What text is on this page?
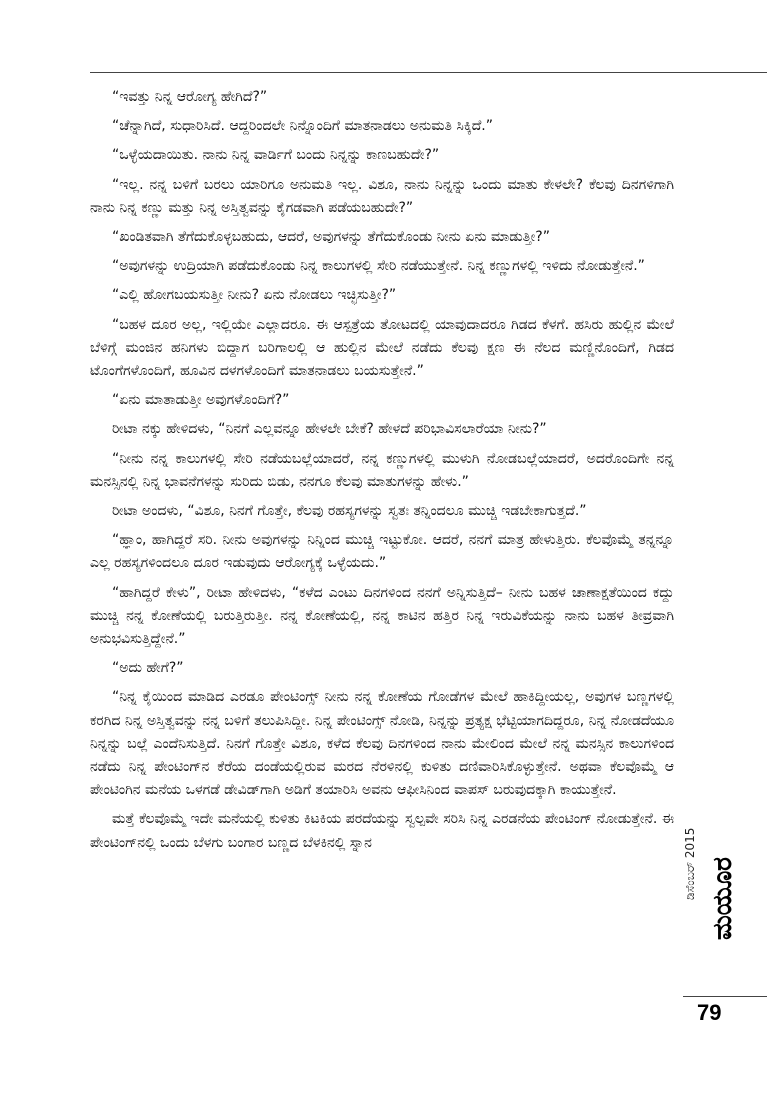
“ಇವತ್ತು ನಿನ್ನ ಆರೋಗ್ಯ ಹೇಗಿದೆ?”

“ಚೆನ್ನಾಗಿದೆ, ಸುಧಾರಿಸಿದೆ. ಆದ್ದರಿಂದಲೇ ನಿನ್ನೊಂದಿಗೆ ಮಾತನಾಡಲು ಅನುಮತಿ ಸಿಕ್ಕಿದೆ.”

“ಒಳ್ಳೆಯದಾಯಿತು. ನಾನು ನಿನ್ನ ವಾರ್ಡಿಗೆ ಬಂದು ನಿನ್ನನ್ನು ಕಾಣಬಹುದೇ?”

“ಇಲ್ಲ. ನನ್ನ ಬಳಿಗೆ ಬರಲು ಯಾರಿಗೂ ಅನುಮತಿ ಇಲ್ಲ. ವಿಶೂ, ನಾನು ನಿನ್ನನ್ನು ಒಂದು ಮಾತು ಕೇಳಲೇ? ಕೆಲವು ದಿನಗಳಿಗಾಗಿ ನಾನು ನಿನ್ನ ಕಣ್ಣು ಮತ್ತು ನಿನ್ನ ಅಸ್ತಿತ್ವವನ್ನು ಕೈಗಡವಾಗಿ ಪಡೆಯಬಹುದೇ?”

“ಖಂಡಿತವಾಗಿ ತೆಗೆದುಕೊಳ್ಳಬಹುದು, ಆದರೆ, ಅವುಗಳನ್ನು ತೆಗೆದುಕೊಂಡು ನೀನು ಏನು ಮಾಡುತ್ತೀ?”

“ಅವುಗಳನ್ನು ಉದ್ರಿಯಾಗಿ ಪಡೆದುಕೊಂಡು ನಿನ್ನ ಕಾಲುಗಳಲ್ಲಿ ಸೇರಿ ನಡೆಯುತ್ತೇನೆ. ನಿನ್ನ ಕಣ್ಣುಗಳಲ್ಲಿ ಇಳಿದು ನೋಡುತ್ತೇನೆ.”

“ಎಲ್ಲಿ ಹೋಗಬಯಸುತ್ತೀ ನೀನು? ಏನು ನೋಡಲು ಇಚ್ಛಿಸುತ್ತೀ?”

“ಬಹಳ ದೂರ ಅಲ್ಲ, ಇಲ್ಲಿಯೇ ಎಲ್ಲಾದರೂ. ಈ ಆಸ್ಪತ್ರೆಯ ತೋಟದಲ್ಲಿ ಯಾವುದಾದರೂ ಗಿಡದ ಕೆಳಗೆ. ಹಸಿರು ಹುಲ್ಲಿನ ಮೇಲೆ ಬೆಳಿಗ್ಗೆ ಮಂಜಿನ ಹನಿಗಳು ಬಿದ್ದಾಗ ಬರಿಗಾಲಲ್ಲಿ ಆ ಹುಲ್ಲಿನ ಮೇಲೆ ನಡೆದು ಕೆಲವು ಕ್ಷಣ ಈ ನೆಲದ ಮಣ್ಣಿನೊಂದಿಗೆ, ಗಿಡದ ಟೊಂಗೆಗಳೊಂದಿಗೆ, ಹೂವಿನ ದಳಗಳೊಂದಿಗೆ ಮಾತನಾಡಲು ಬಯಸುತ್ತೇನೆ.”

“ಏನು ಮಾತಾಡುತ್ತೀ ಅವುಗಳೊಂದಿಗೆ?”

ರೀಟಾ ನಕ್ಕು ಹೇಳಿದಳು, “ನಿನಗೆ ಎಲ್ಲವನ್ನೂ ಹೇಳಲೇ ಬೇಕೆ? ಹೇಳದೆ ಪರಿಭಾವಿಸಲಾರೆಯಾ ನೀನು?”

“ನೀನು ನನ್ನ ಕಾಲುಗಳಲ್ಲಿ ಸೇರಿ ನಡೆಯಬಲ್ಲೆಯಾದರೆ, ನನ್ನ ಕಣ್ಣುಗಳಲ್ಲಿ ಮುಳುಗಿ ನೋಡಬಲ್ಲೆಯಾದರೆ, ಅದರೊಂದಿಗೇ ನನ್ನ ಮನಸ್ಸಿನಲ್ಲಿ ನಿನ್ನ ಭಾವನೆಗಳನ್ನು ಸುರಿದು ಬಿಡು, ನನಗೂ ಕೆಲವು ಮಾತುಗಳನ್ನು ಹೇಳು.”

ರೀಟಾ ಅಂದಳು, “ವಿಶೂ, ನಿನಗೆ ಗೊತ್ತೇ, ಕೆಲವು ರಹಸ್ಯಗಳನ್ನು ಸ್ವತಃ ತನ್ನಿಂದಲೂ ಮುಚ್ಚಿ ಇಡಬೇಕಾಗುತ್ತದೆ.”

“ಹ್ಞಾಂ, ಹಾಗಿದ್ದರೆ ಸರಿ. ನೀನು ಅವುಗಳನ್ನು ನಿನ್ನಿಂದ ಮುಚ್ಚಿ ಇಟ್ಟುಕೋ. ಆದರೆ, ನನಗೆ ಮಾತ್ರ ಹೇಳುತ್ತಿರು. ಕೆಲವೊಮ್ಮೆ ತನ್ನನ್ನೂ ಎಲ್ಲ ರಹಸ್ಯಗಳಿಂದಲೂ ದೂರ ಇಡುವುದು ಆರೋಗ್ಯಕ್ಕೆ ಒಳ್ಳೆಯದು.”

“ಹಾಗಿದ್ದರೆ ಕೇಳು”, ರೀಟಾ ಹೇಳಿದಳು, “ಕಳೆದ ಎಂಟು ದಿನಗಳಿಂದ ನನಗೆ ಅನ್ನಿಸುತ್ತಿದೆ– ನೀನು ಬಹಳ ಚಾಣಾಕ್ಷತೆಯಿಂದ ಕದ್ದು ಮುಚ್ಚಿ ನನ್ನ ಕೋಣೆಯಲ್ಲಿ ಬರುತ್ತಿರುತ್ತೀ. ನನ್ನ ಕೋಣೆಯಲ್ಲಿ, ನನ್ನ ಕಾಟಿನ ಹತ್ತಿರ ನಿನ್ನ ಇರುವಿಕೆಯನ್ನು ನಾನು ಬಹಳ ತೀವ್ರವಾಗಿ ಅನುಭವಿಸುತ್ತಿದ್ದೇನೆ.”

“ಅದು ಹೇಗೆ?”

“ನಿನ್ನ ಕೈಯಿಂದ ಮಾಡಿದ ಎರಡೂ ಪೇಂಟಿಂಗ್ಸ್ ನೀನು ನನ್ನ ಕೋಣೆಯ ಗೋಡೆಗಳ ಮೇಲೆ ಹಾಕಿದ್ದೀಯಲ್ಲ, ಅವುಗಳ ಬಣ್ಣಗಳಲ್ಲಿ ಕರಗಿದ ನಿನ್ನ ಅಸ್ತಿತ್ವವನ್ನು ನನ್ನ ಬಳಿಗೆ ತಲುಪಿಸಿದ್ದೀ. ನಿನ್ನ ಪೇಂಟಿಂಗ್ಸ್ ನೋಡಿ, ನಿನ್ನನ್ನು ಪ್ರತ್ಯಕ್ಷ ಭೆಟ್ಟಿಯಾಗದಿದ್ದರೂ, ನಿನ್ನ ನೋಡದೆಯೂ ನಿನ್ನನ್ನು ಬಲ್ಲೆ ಎಂದೆನಿಸುತ್ತಿದೆ. ನಿನಗೆ ಗೊತ್ತೇ ವಿಶೂ, ಕಳೆದ ಕೆಲವು ದಿನಗಳಿಂದ ನಾನು ಮೇಲಿಂದ ಮೇಲೆ ನನ್ನ ಮನಸ್ಸಿನ ಕಾಲುಗಳಿಂದ ನಡೆದು ನಿನ್ನ ಪೇಂಟಿಂಗ್‌ನ ಕೆರೆಯ ದಂಡೆಯಲ್ಲಿರುವ ಮರದ ನೆರಳಿನಲ್ಲಿ ಕುಳಿತು ದಣಿವಾರಿಸಿಕೊಳ್ಳುತ್ತೇನೆ. ಅಥವಾ ಕೆಲವೊಮ್ಮೆ ಆ ಪೇಂಟಿಂಗಿನ ಮನೆಯ ಒಳಗಡೆ ಡೇವಿಡ್‌ಗಾಗಿ ಅಡಿಗೆ ತಯಾರಿಸಿ ಅವನು ಆಫೀಸಿನಿಂದ ವಾಪಸ್ ಬರುವುದಕ್ಕಾಗಿ ಕಾಯುತ್ತೇನೆ.

ಮತ್ತೆ ಕೆಲವೊಮ್ಮೆ ಇದೇ ಮನೆಯಲ್ಲಿ ಕುಳಿತು ಕಿಟಕಿಯ ಪರದೆಯನ್ನು ಸ್ವಲ್ಪವೇ ಸರಿಸಿ ನಿನ್ನ ಎರಡನೆಯ ಪೇಂಟಿಂಗ್ ನೋಡುತ್ತೇನೆ. ಈ ಪೇಂಟಿಂಗ್‌ನಲ್ಲಿ ಒಂದು ಬೆಳಗು ಬಂಗಾರ ಬಣ್ಣದ ಬೆಳಕಿನಲ್ಲಿ ಸ್ನಾನ	ಡಿಸೆಂಬರ್ 2015 ಮಯೂರ
79
